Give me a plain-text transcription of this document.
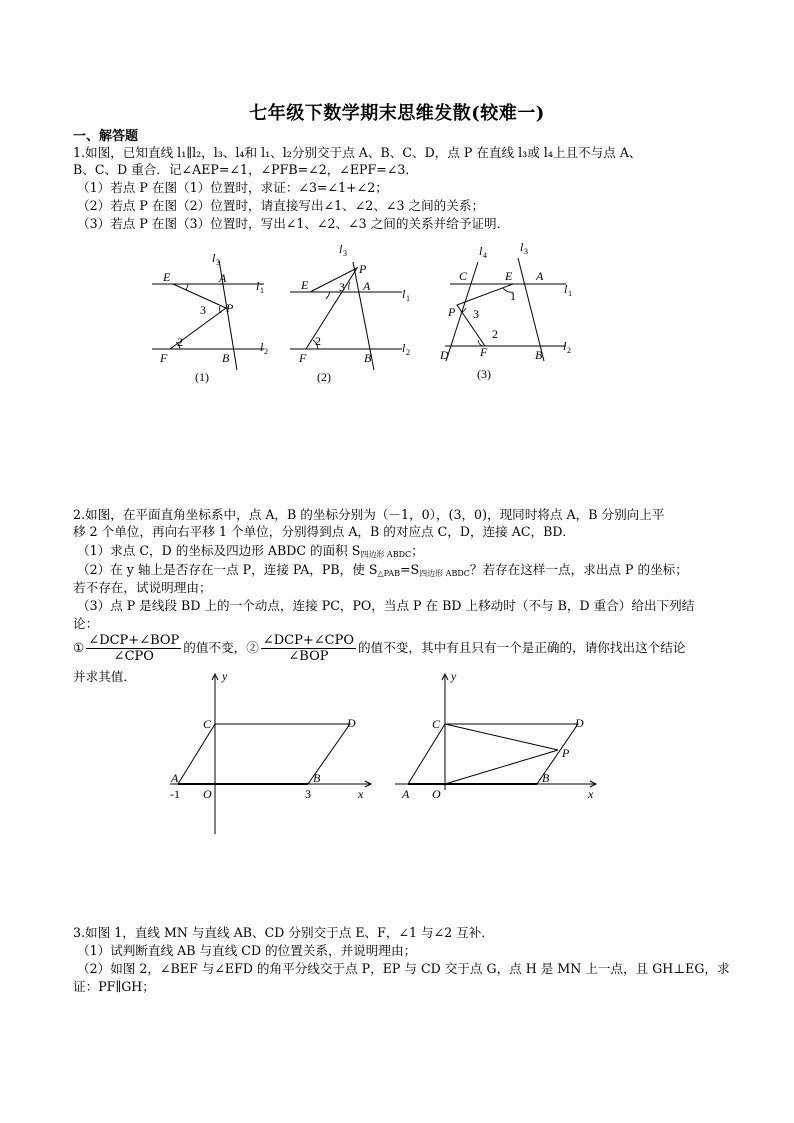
七年级下数学期末思维发散(较难一)
一、解答题
1.如图，已知直线 l₁∥l₂，l₃、l₄和 l₁、l₂分别交于点 A、B、C、D，点 P 在直线 l₃或 l₄上且不与点 A、
B、C、D 重合．记∠AEP=∠1，∠PFB=∠2，∠EPF=∠3．
（1）若点 P 在图（1）位置时，求证：∠3=∠1+∠2；
（2）若点 P 在图（2）位置时，请直接写出∠1、∠2、∠3 之间的关系；
（3）若点 P 在图（3）位置时，写出∠1、∠2、∠3 之间的关系并给予证明．
E	A
l 3
l 1
P
3
2
F	B
l 2
(1)
E	3
P
A
l 3
l 1
2
F	B
l 2
(2)
l 4
l 3
C	E A
l 1
1
P 3
2
D	F	B
l 2
(3)
2.如图，在平面直角坐标系中，点 A，B 的坐标分别为（－1，0），(3，0)，现同时将点 A，B 分别向上平
移 2 个单位，再向右平移 1 个单位，分别得到点 A，B 的对应点 C，D，连接 AC，BD．
（1）求点 C，D 的坐标及四边形 ABDC 的面积 $S_{四边形 ABDC}$；
（2）在 y 轴上是否存在一点 P，连接 PA，PB，使 $S_{\triangle PAB}=S_{四边形 ABDC}$？若存在这样一点，求出点 P 的坐标；
若不存在，试说明理由；
（3）点 P 是线段 BD 上的一个动点，连接 PC，PO，当点 P 在 BD 上移动时（不与 B，D 重合）给出下列结
论：
① $\frac{\text{∠DCP+∠BOP}}{\text{∠CPO}}$ 的值不变，② $\frac{\text{∠DCP+∠CPO}}{\text{∠BOP}}$ 的值不变，其中有且只有一个是正确的，请你找出这个结论
并求其值．	y
x
C	D
A
O
B
-1	3
y
x
C	D
P
A O
B
3.如图 1，直线 MN 与直线 AB、CD 分别交于点 E、F，∠1 与∠2 互补．
（1）试判断直线 AB 与直线 CD 的位置关系，并说明理由；
（2）如图 2，∠BEF 与∠EFD 的角平分线交于点 P，EP 与 CD 交于点 G，点 H 是 MN 上一点，且 GH⊥EG，求
证：PF∥GH；
